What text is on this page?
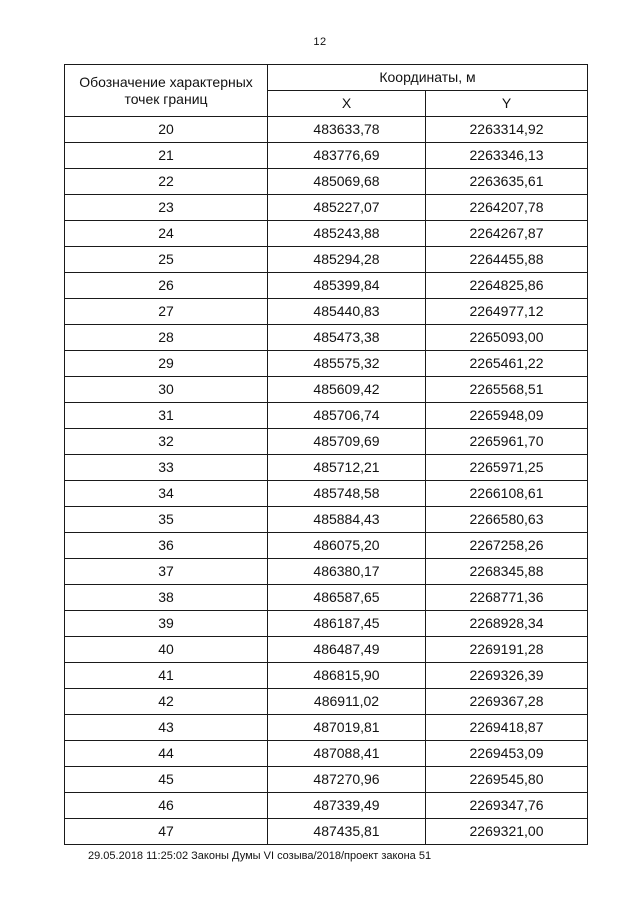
12
Обозначение характерных точек границ	Координаты, м	
	X	Y
20	483633,78	2263314,92
21	483776,69	2263346,13
22	485069,68	2263635,61
23	485227,07	2264207,78
24	485243,88	2264267,87
25	485294,28	2264455,88
26	485399,84	2264825,86
27	485440,83	2264977,12
28	485473,38	2265093,00
29	485575,32	2265461,22
30	485609,42	2265568,51
31	485706,74	2265948,09
32	485709,69	2265961,70
33	485712,21	2265971,25
34	485748,58	2266108,61
35	485884,43	2266580,63
36	486075,20	2267258,26
37	486380,17	2268345,88
38	486587,65	2268771,36
39	486187,45	2268928,34
40	486487,49	2269191,28
41	486815,90	2269326,39
42	486911,02	2269367,28
43	487019,81	2269418,87
44	487088,41	2269453,09
45	487270,96	2269545,80
46	487339,49	2269347,76
47	487435,81	2269321,00
29.05.2018 11:25:02 Законы Думы VI созыва/2018/проект закона 51
